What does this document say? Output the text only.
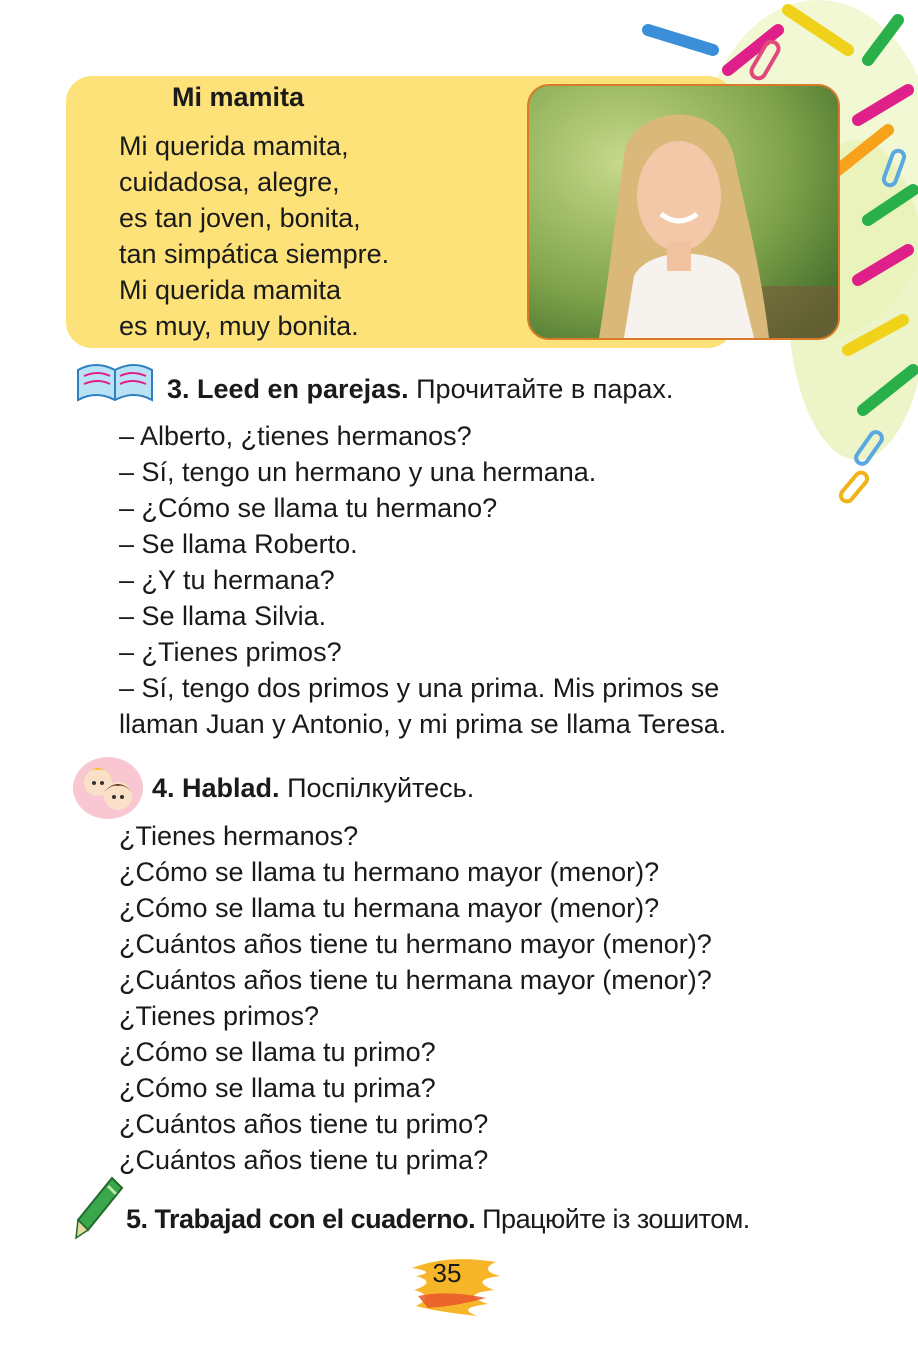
Mi mamita
Mi querida mamita,
cuidadosa, alegre,
es tan joven, bonita,
tan simpática siempre.
Mi querida mamita
es muy, muy bonita.
3. Leed en parejas. Прочитайте в парах.
– Alberto, ¿tienes hermanos?
– Sí, tengo un hermano y una hermana.
– ¿Cómo se llama tu hermano?
– Se llama Roberto.
– ¿Y tu hermana?
– Se llama Silvia.
– ¿Tienes primos?
– Sí, tengo dos primos y una prima. Mis primos se
llaman Juan y Antonio, y mi prima se llama Teresa.
4. Hablad. Поспілкуйтесь.
¿Tienes hermanos?
¿Cómo se llama tu hermano mayor (menor)?
¿Cómo se llama tu hermana mayor (menor)?
¿Cuántos años tiene tu hermano mayor (menor)?
¿Cuántos años tiene tu hermana mayor (menor)?
¿Tienes primos?
¿Cómo se llama tu primo?
¿Cómo se llama tu prima?
¿Cuántos años tiene tu primo?
¿Cuántos años tiene tu prima?
5. Trabajad con el cuaderno. Працюйте із зошитом.
35
